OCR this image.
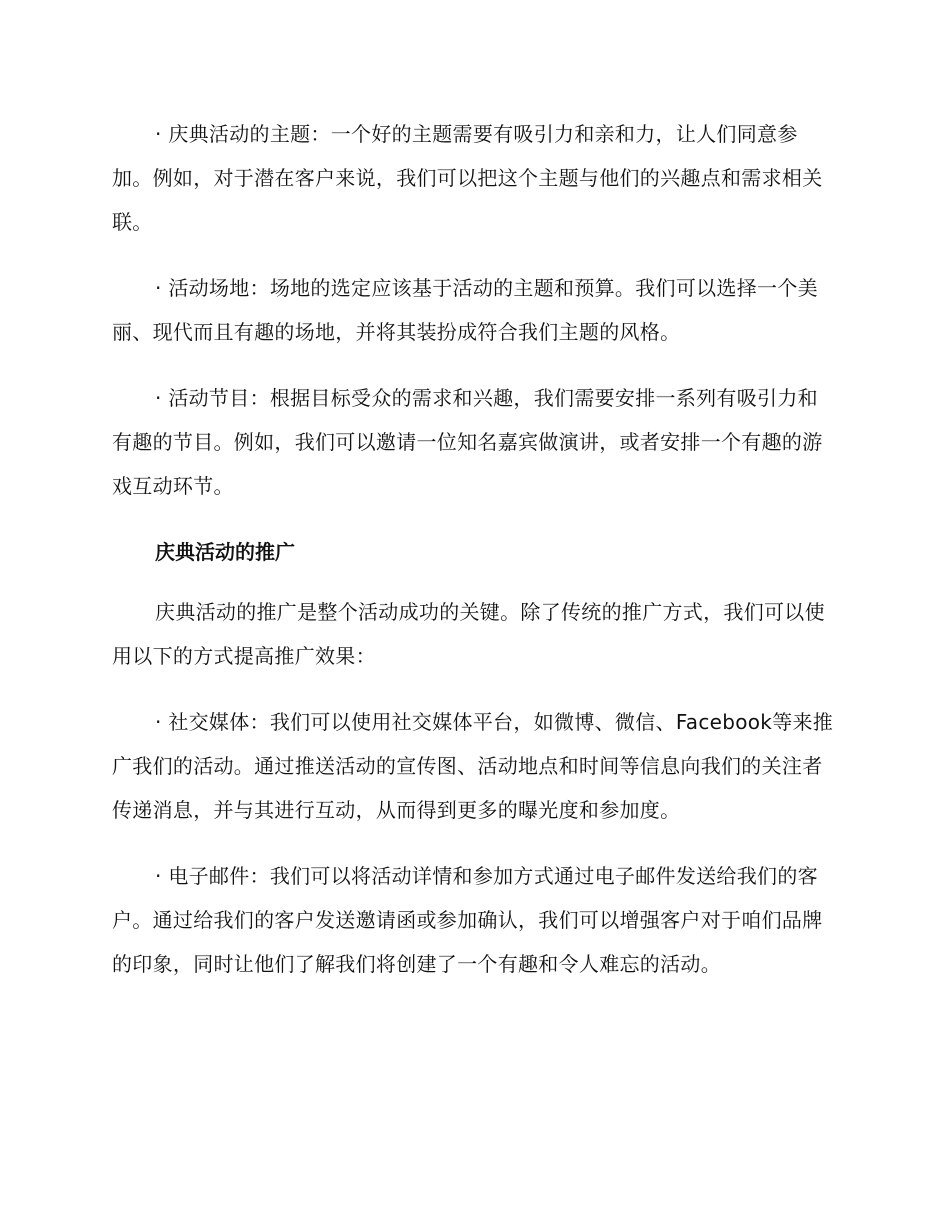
· 庆典活动的主题：一个好的主题需要有吸引力和亲和力，让人们同意参加。例如，对于潜在客户来说，我们可以把这个主题与他们的兴趣点和需求相关联。

· 活动场地：场地的选定应该基于活动的主题和预算。我们可以选择一个美丽、现代而且有趣的场地，并将其装扮成符合我们主题的风格。

· 活动节目：根据目标受众的需求和兴趣，我们需要安排一系列有吸引力和有趣的节目。例如，我们可以邀请一位知名嘉宾做演讲，或者安排一个有趣的游戏互动环节。

庆典活动的推广

庆典活动的推广是整个活动成功的关键。除了传统的推广方式，我们可以使用以下的方式提高推广效果：

· 社交媒体：我们可以使用社交媒体平台，如微博、微信、Facebook等来推广我们的活动。通过推送活动的宣传图、活动地点和时间等信息向我们的关注者传递消息，并与其进行互动，从而得到更多的曝光度和参加度。

· 电子邮件：我们可以将活动详情和参加方式通过电子邮件发送给我们的客户。通过给我们的客户发送邀请函或参加确认，我们可以增强客户对于咱们品牌的印象，同时让他们了解我们将创建了一个有趣和令人难忘的活动。
